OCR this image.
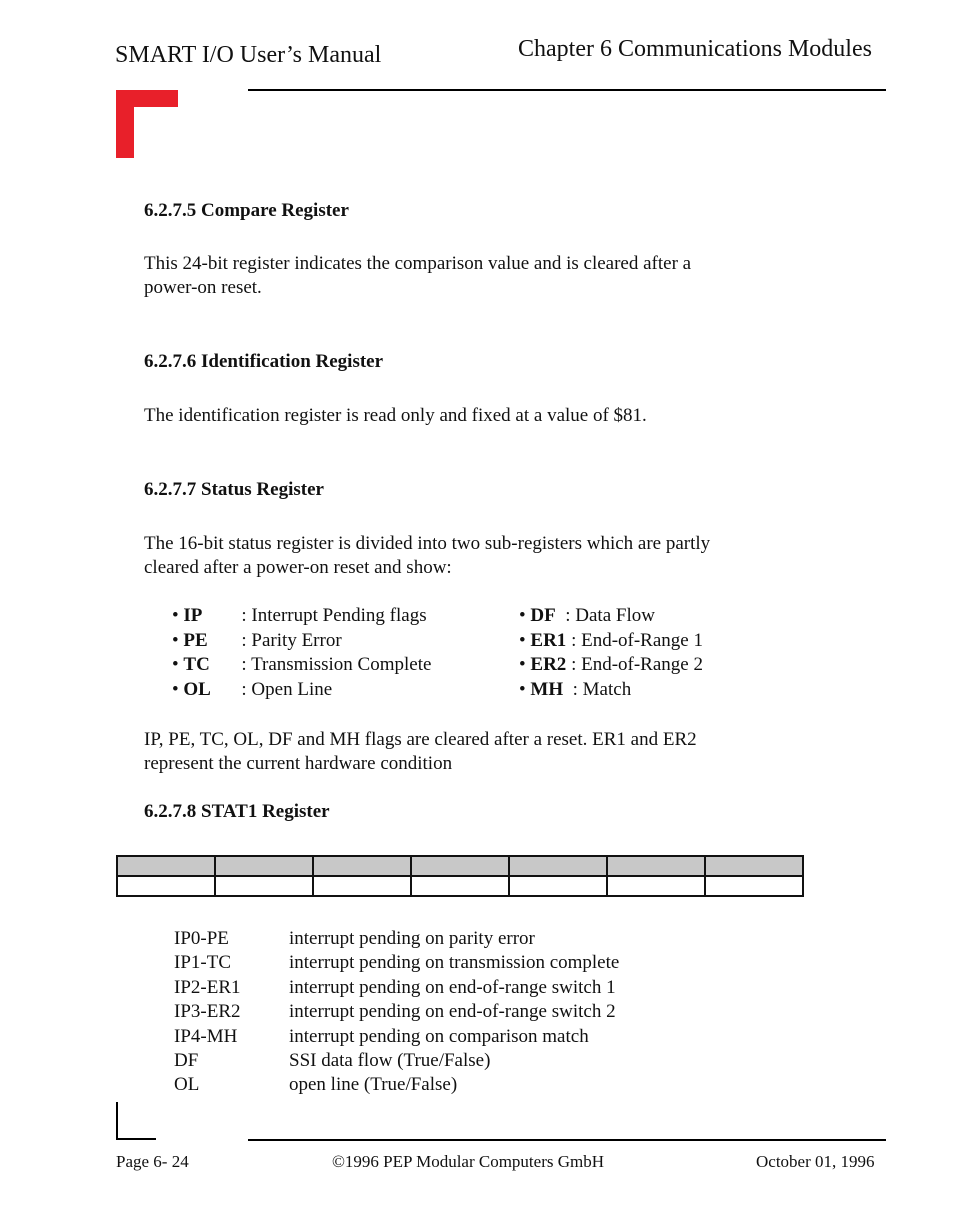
SMART I/O User’s Manual	Chapter 6 Communications Modules
6.2.7.5 Compare Register
This 24-bit register indicates the comparison value and is cleared after a
power-on reset.
6.2.7.6 Identification Register
The identification register is read only and fixed at a value of $81.
6.2.7.7 Status Register
The 16-bit status register is divided into two sub-registers which are partly
cleared after a power-on reset and show:
• IP : Interrupt Pending flags
• PE : Parity Error
• TC : Transmission Complete
• OL : Open Line
• DF  : Data Flow
• ER1 : End-of-Range 1
• ER2 : End-of-Range 2
• MH  : Match
IP, PE, TC, OL, DF and MH flags are cleared after a reset. ER1 and ER2
represent the current hardware condition
6.2.7.8 STAT1 Register

IP0-PE	interrupt pending on parity error
IP1-TC	interrupt pending on transmission complete
IP2-ER1	interrupt pending on end-of-range switch 1
IP3-ER2	interrupt pending on end-of-range switch 2
IP4-MH	interrupt pending on comparison match
DF	SSI data flow (True/False)
OL	open line (True/False)
Page 6- 24	©1996 PEP Modular Computers GmbH	October 01, 1996
